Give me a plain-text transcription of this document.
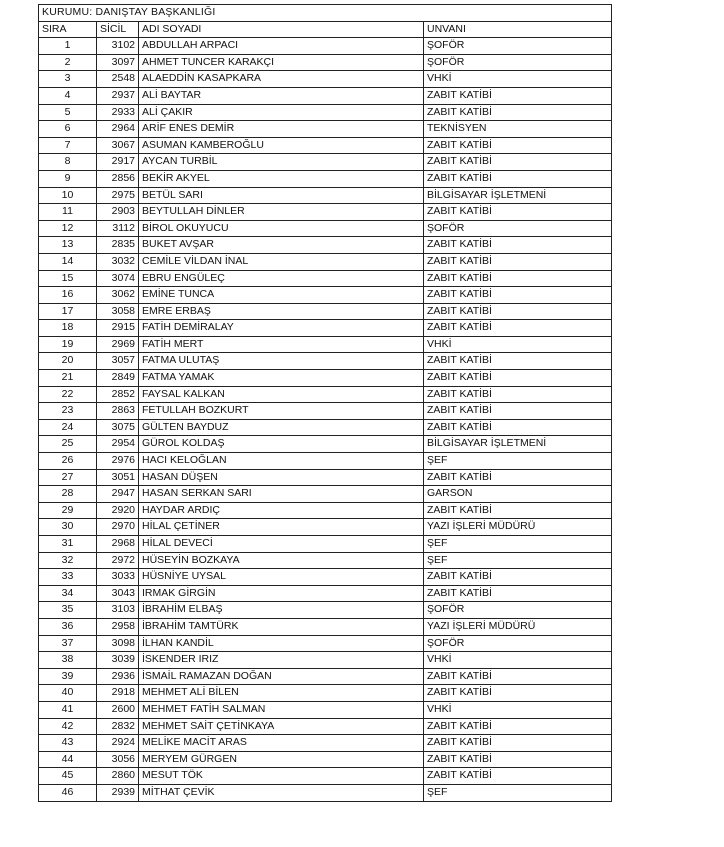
KURUMU: DANIŞTAY BAŞKANLIĞI			
SIRA	SİCİL	ADI SOYADI	UNVANI
1	3102	ABDULLAH ARPACI	ŞOFÖR
2	3097	AHMET TUNCER KARAKÇI	ŞOFÖR
3	2548	ALAEDDİN KASAPKARA	VHKİ
4	2937	ALİ BAYTAR	ZABIT KATİBİ
5	2933	ALİ ÇAKIR	ZABIT KATİBİ
6	2964	ARİF ENES DEMİR	TEKNİSYEN
7	3067	ASUMAN KAMBEROĞLU	ZABIT KATİBİ
8	2917	AYCAN TURBİL	ZABIT KATİBİ
9	2856	BEKİR AKYEL	ZABIT KATİBİ
10	2975	BETÜL SARI	BİLGİSAYAR İŞLETMENİ
11	2903	BEYTULLAH DİNLER	ZABIT KATİBİ
12	3112	BİROL OKUYUCU	ŞOFÖR
13	2835	BUKET AVŞAR	ZABIT KATİBİ
14	3032	CEMİLE VİLDAN İNAL	ZABIT KATİBİ
15	3074	EBRU ENGÜLEÇ	ZABIT KATİBİ
16	3062	EMİNE TUNCA	ZABIT KATİBİ
17	3058	EMRE ERBAŞ	ZABIT KATİBİ
18	2915	FATİH DEMİRALAY	ZABIT KATİBİ
19	2969	FATİH MERT	VHKİ
20	3057	FATMA ULUTAŞ	ZABIT KATİBİ
21	2849	FATMA YAMAK	ZABIT KATİBİ
22	2852	FAYSAL KALKAN	ZABIT KATİBİ
23	2863	FETULLAH BOZKURT	ZABIT KATİBİ
24	3075	GÜLTEN BAYDUZ	ZABIT KATİBİ
25	2954	GÜROL KOLDAŞ	BİLGİSAYAR İŞLETMENİ
26	2976	HACI KELOĞLAN	ŞEF
27	3051	HASAN DÜŞEN	ZABIT KATİBİ
28	2947	HASAN SERKAN SARI	GARSON
29	2920	HAYDAR ARDIÇ	ZABIT KATİBİ
30	2970	HİLAL ÇETİNER	YAZI İŞLERİ MÜDÜRÜ
31	2968	HİLAL DEVECİ	ŞEF
32	2972	HÜSEYİN BOZKAYA	ŞEF
33	3033	HÜSNİYE UYSAL	ZABIT KATİBİ
34	3043	IRMAK GİRGİN	ZABIT KATİBİ
35	3103	İBRAHİM ELBAŞ	ŞOFÖR
36	2958	İBRAHİM TAMTÜRK	YAZI İŞLERİ MÜDÜRÜ
37	3098	İLHAN KANDİL	ŞOFÖR
38	3039	İSKENDER IRIZ	VHKİ
39	2936	İSMAİL RAMAZAN DOĞAN	ZABIT KATİBİ
40	2918	MEHMET ALİ BİLEN	ZABIT KATİBİ
41	2600	MEHMET FATİH SALMAN	VHKİ
42	2832	MEHMET SAİT ÇETİNKAYA	ZABIT KATİBİ
43	2924	MELİKE MACİT ARAS	ZABIT KATİBİ
44	3056	MERYEM GÜRGEN	ZABIT KATİBİ
45	2860	MESUT TÖK	ZABIT KATİBİ
46	2939	MİTHAT ÇEVİK	ŞEF
